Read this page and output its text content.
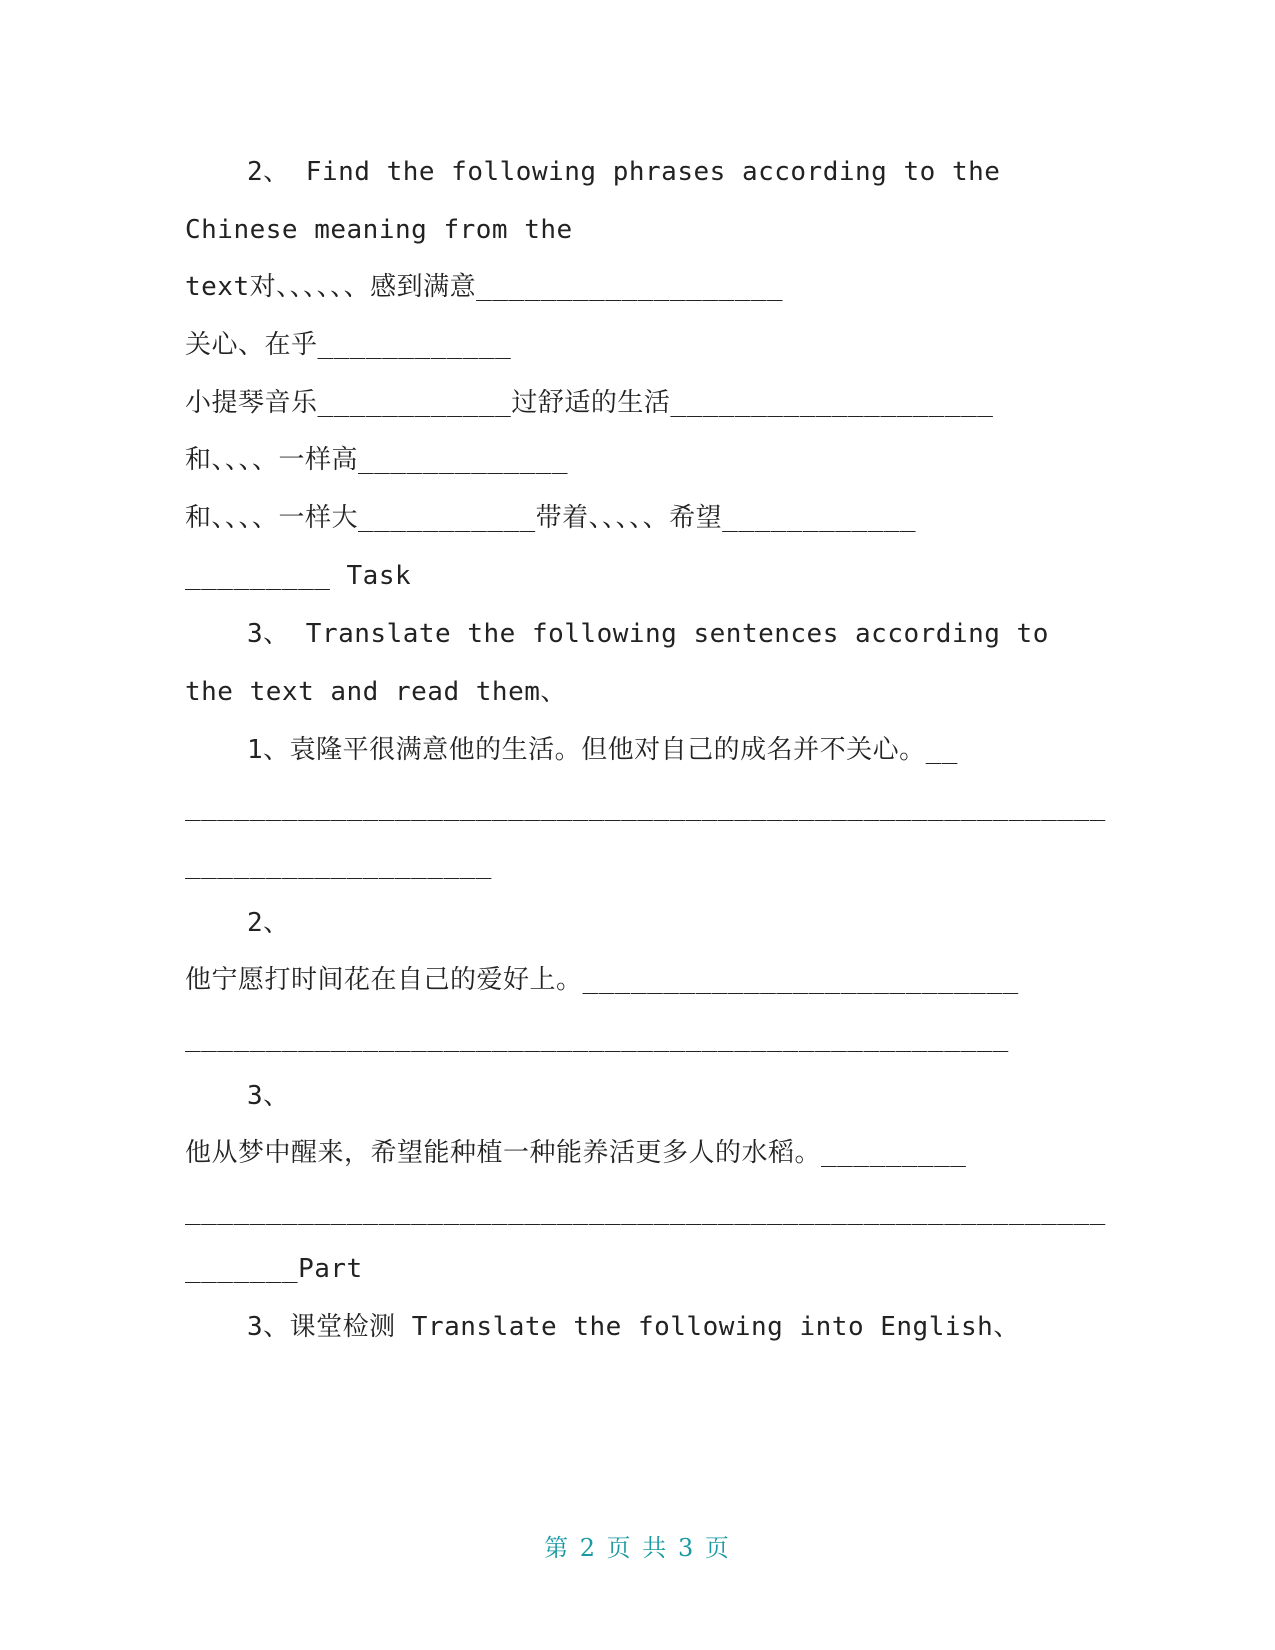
2、 Find the following phrases according to the
Chinese meaning from the
text对、、、、、、感到满意___________________
关心、在乎____________
小提琴音乐____________过舒适的生活____________________
和、、、、一样高_____________
和、、、、一样大___________带着、、、、、希望____________
_________ Task
3、 Translate the following sentences according to
the text and read them、
1、袁隆平很满意他的生活。但他对自己的成名并不关心。__
_________________________________________________________
___________________
2、
他宁愿打时间花在自己的爱好上。___________________________
___________________________________________________
3、
他从梦中醒来，希望能种植一种能养活更多人的水稻。_________
_________________________________________________________
_______Part
3、课堂检测 Translate the following into English、
第 2 页 共 3 页
